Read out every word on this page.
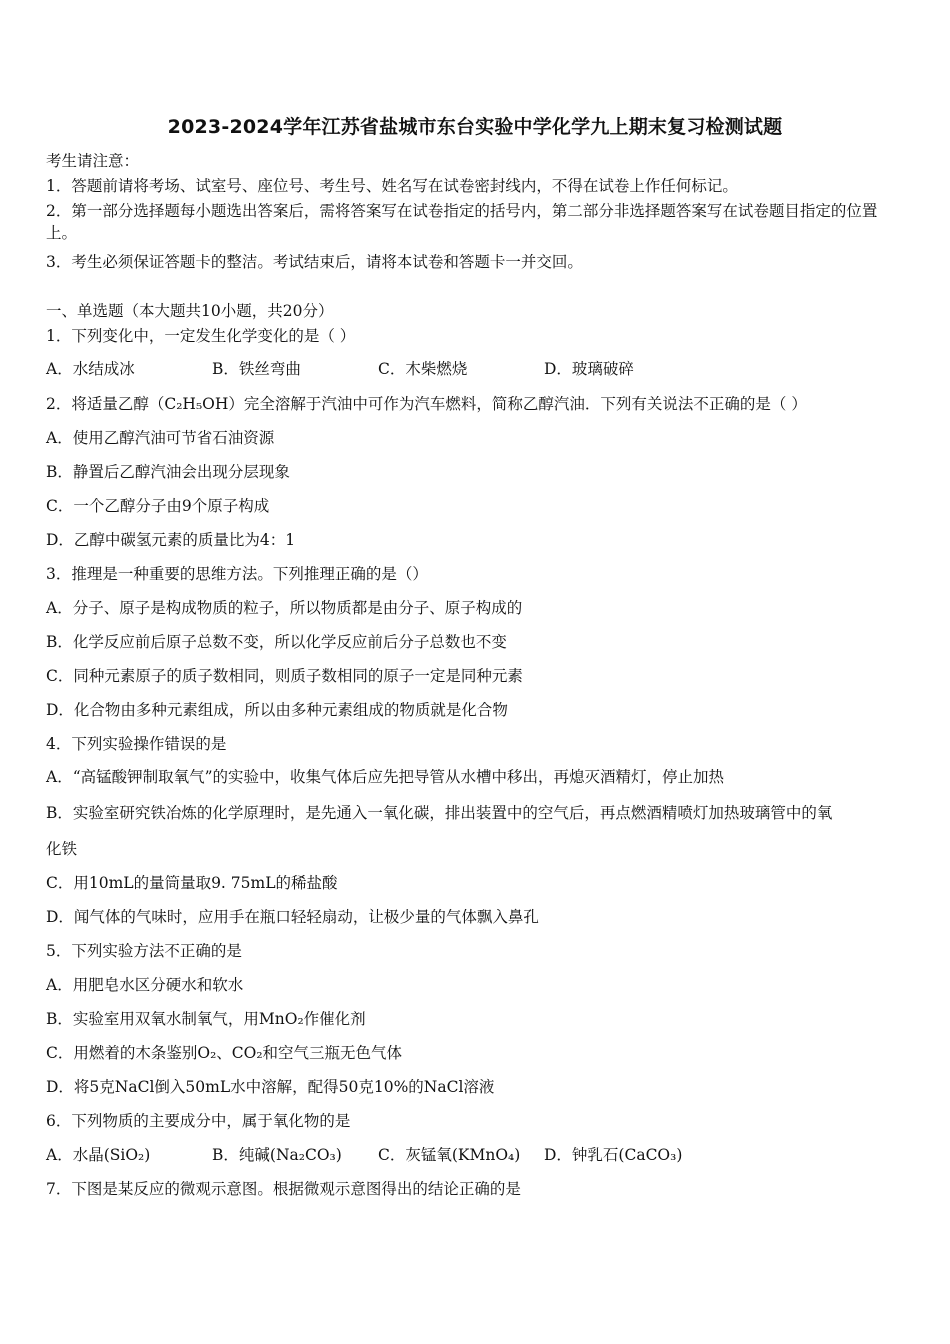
2023-2024学年江苏省盐城市东台实验中学化学九上期末复习检测试题
考生请注意：
1．答题前请将考场、试室号、座位号、考生号、姓名写在试卷密封线内，不得在试卷上作任何标记。
2．第一部分选择题每小题选出答案后，需将答案写在试卷指定的括号内，第二部分非选择题答案写在试卷题目指定的位置上。
3．考生必须保证答题卡的整洁。考试结束后，请将本试卷和答题卡一并交回。
一、单选题（本大题共10小题，共20分）
1．下列变化中，一定发生化学变化的是（ ）
A．水结成冰	B．铁丝弯曲	C．木柴燃烧	D．玻璃破碎
2．将适量乙醇（C₂H₅OH）完全溶解于汽油中可作为汽车燃料，简称乙醇汽油．下列有关说法不正确的是（ ）
A．使用乙醇汽油可节省石油资源
B．静置后乙醇汽油会出现分层现象
C．一个乙醇分子由9个原子构成
D．乙醇中碳氢元素的质量比为4：1
3．推理是一种重要的思维方法。下列推理正确的是（）
A．分子、原子是构成物质的粒子，所以物质都是由分子、原子构成的
B．化学反应前后原子总数不变，所以化学反应前后分子总数也不变
C．同种元素原子的质子数相同，则质子数相同的原子一定是同种元素
D．化合物由多种元素组成，所以由多种元素组成的物质就是化合物
4．下列实验操作错误的是
A．“高锰酸钾制取氧气”的实验中，收集气体后应先把导管从水槽中移出，再熄灭酒精灯，停止加热
B．实验室研究铁冶炼的化学原理时，是先通入一氧化碳，排出装置中的空气后，再点燃酒精喷灯加热玻璃管中的氧
化铁
C．用10mL的量筒量取9. 75mL的稀盐酸
D．闻气体的气味时，应用手在瓶口轻轻扇动，让极少量的气体飘入鼻孔
5．下列实验方法不正确的是
A．用肥皂水区分硬水和软水
B．实验室用双氧水制氧气，用MnO₂作催化剂
C．用燃着的木条鉴别O₂、CO₂和空气三瓶无色气体
D．将5克NaCl倒入50mL水中溶解，配得50克10%的NaCl溶液
6．下列物质的主要成分中，属于氧化物的是
A．水晶(SiO₂)	B．纯碱(Na₂CO₃)	C．灰锰氧(KMnO₄)	D．钟乳石(CaCO₃)
7．下图是某反应的微观示意图。根据微观示意图得出的结论正确的是
